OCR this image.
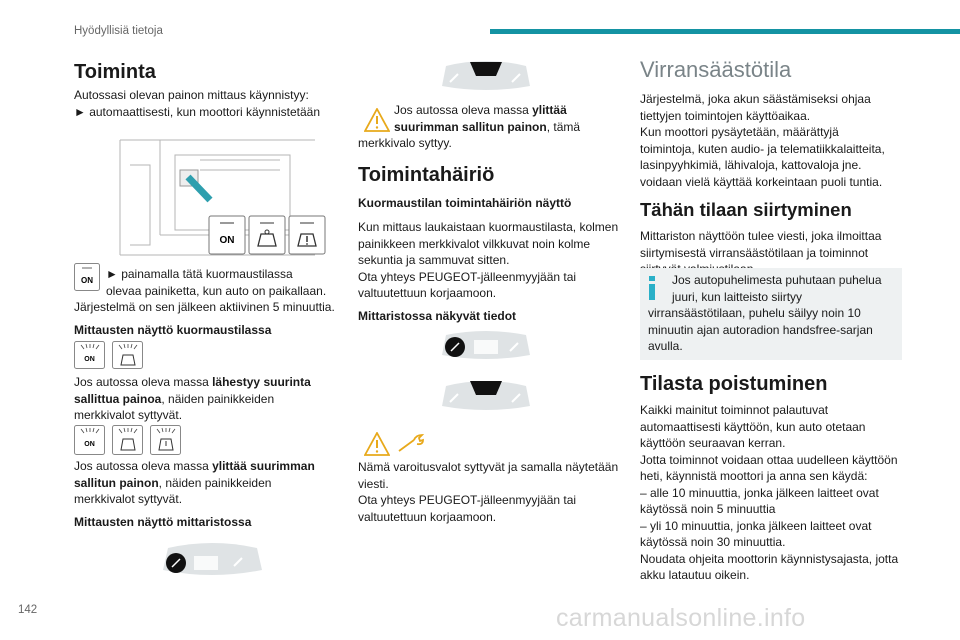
Hyödyllisiä tietoja
Toiminta

Autossasi olevan painon mittaus käynnistyy:

► automaattisesti, kun moottori käynnistetään

ON
ON ► painamalla tätä kuormaustilassa

olevaa painiketta, kun auto on paikallaan.

Järjestelmä on sen jälkeen aktiivinen 5 minuuttia.

Mittausten näyttö kuormaustilassa

ON

Jos autossa oleva massa lähestyy suurinta

sallittua painoa, näiden painikkeiden

merkkivalot syttyvät.

ON

Jos autossa oleva massa ylittää suurimman

sallitun painon, näiden painikkeiden

merkkivalot syttyvät.

Mittausten näyttö mittaristossa

Jos autossa oleva massa ylittää

suurimman sallitun painon, tämä

merkkivalo syttyy.

Toimintahäiriö

Kuormaustilan toimintahäiriön näyttö

Kun mittaus laukaistaan kuormaustilasta, kolmen

painikkeen merkkivalot vilkkuvat noin kolme

sekuntia ja sammuvat sitten.

Ota yhteys PEUGEOT-jälleenmyyjään tai

valtuutettuun korjaamoon.

Mittaristossa näkyvät tiedot

Nämä varoitusvalot syttyvät ja samalla näytetään

viesti.

Ota yhteys PEUGEOT-jälleenmyyjään tai

valtuutettuun korjaamoon.

Virransäästötila

Järjestelmä, joka akun säästämiseksi ohjaa

tiettyjen toimintojen käyttöaikaa.

Kun moottori pysäytetään, määrättyjä

toimintoja, kuten audio- ja telematiikkalaitteita,

lasinpyyhkimiä, lähivaloja, kattovaloja jne.

voidaan vielä käyttää korkeintaan puoli tuntia.

Tähän tilaan siirtyminen

Mittariston näyttöön tulee viesti, joka ilmoittaa

siirtymisestä virransäästötilaan ja toiminnot

Jos autopuhelimesta puhutaan puhelua

juuri, kun laitteisto siirtyy

virransäästötilaan, puhelu säilyy noin 10

minuutin ajan autoradion handsfree-sarjan

avulla.

Tilasta poistuminen

Kaikki mainitut toiminnot palautuvat

automaattisesti käyttöön, kun auto otetaan

käyttöön seuraavan kerran.

Jotta toiminnot voidaan ottaa uudelleen käyttöön

heti, käynnistä moottori ja anna sen käydä:

– alle 10 minuuttia, jonka jälkeen laitteet ovat

käytössä noin 5 minuuttia

– yli 10 minuuttia, jonka jälkeen laitteet ovat

käytössä noin 30 minuuttia.

Noudata ohjeita moottorin käynnistysajasta, jotta

akku latautuu oikein.

142	carmanualsonline.info
